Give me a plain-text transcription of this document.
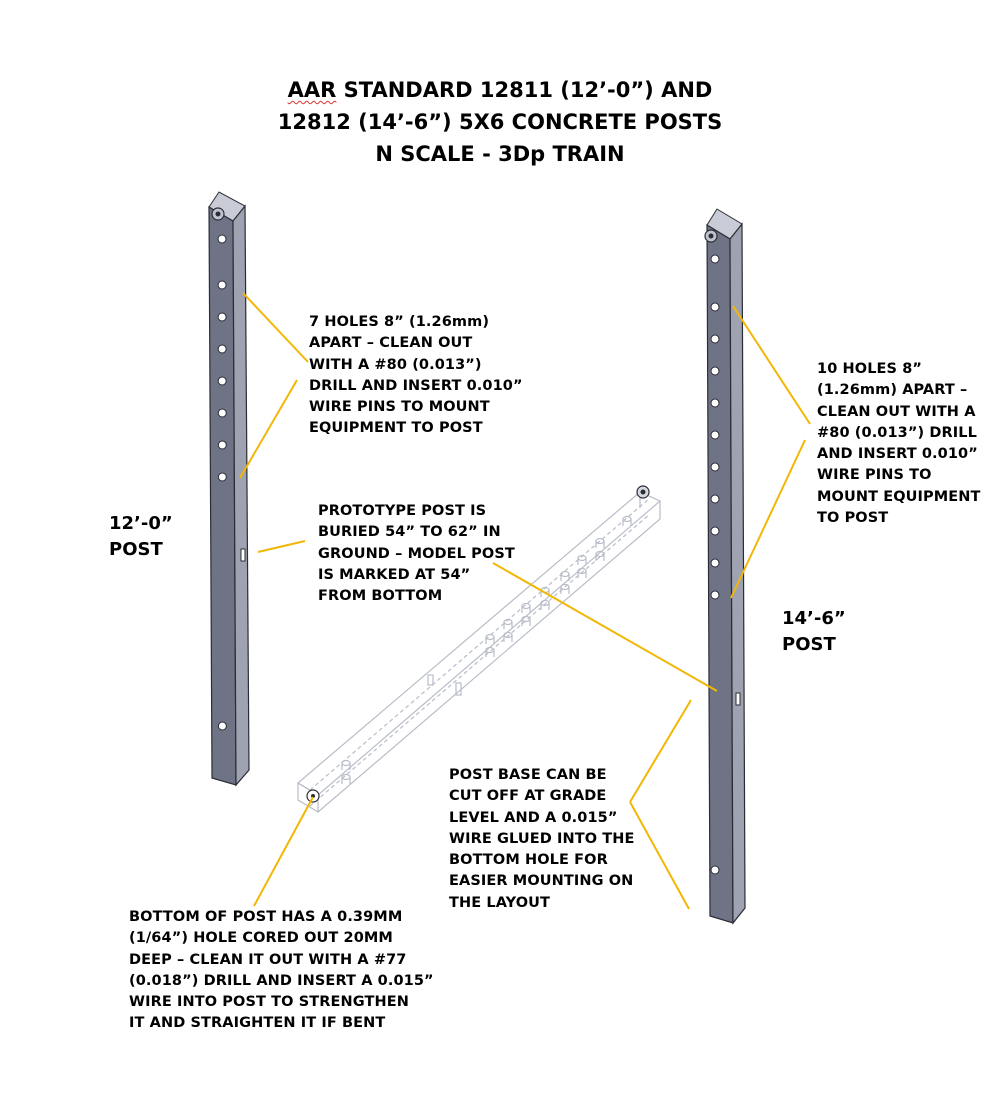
AAR STANDARD 12811 (12’-0”) AND
12812 (14’-6”) 5X6 CONCRETE POSTS
N SCALE - 3Dp TRAIN
12’-0”
POST
14’-6”
POST
7 HOLES 8” (1.26mm)
APART – CLEAN OUT
WITH A #80 (0.013”)
DRILL AND INSERT 0.010”
WIRE PINS TO MOUNT
EQUIPMENT TO POST
10 HOLES 8”
(1.26mm) APART –
CLEAN OUT WITH A
#80 (0.013”) DRILL
AND INSERT 0.010”
WIRE PINS TO
MOUNT EQUIPMENT
TO POST
PROTOTYPE POST IS
BURIED 54” TO 62” IN
GROUND – MODEL POST
IS MARKED AT 54”
FROM BOTTOM
POST BASE CAN BE
CUT OFF AT GRADE
LEVEL AND A 0.015”
WIRE GLUED INTO THE
BOTTOM HOLE FOR
EASIER MOUNTING ON
THE LAYOUT
BOTTOM OF POST HAS A 0.39MM
(1/64”) HOLE CORED OUT 20MM
DEEP – CLEAN IT OUT WITH A #77
(0.018”) DRILL AND INSERT A 0.015”
WIRE INTO POST TO STRENGTHEN
IT AND STRAIGHTEN IT IF BENT
